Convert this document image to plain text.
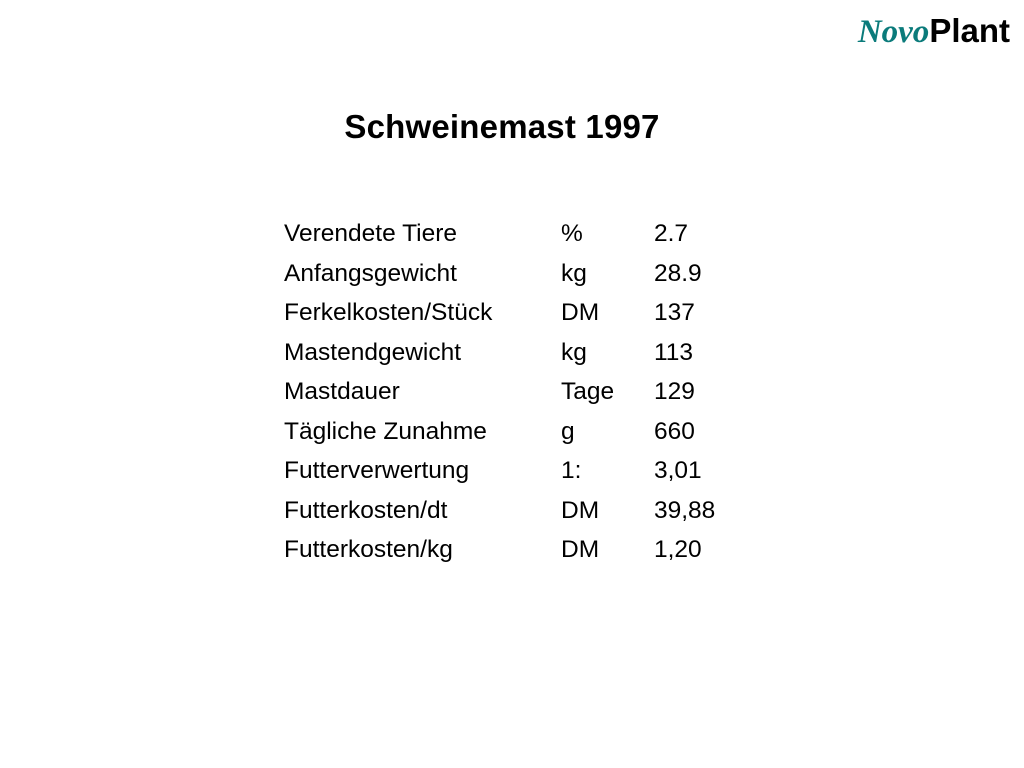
NovoPlant
Schweinemast 1997
Verendete Tiere	%	2.7
Anfangsgewicht	kg	28.9
Ferkelkosten/Stück	DM	137
Mastendgewicht	kg	113
Mastdauer	Tage	129
Tägliche Zunahme	g	660
Futterverwertung	1:	3,01
Futterkosten/dt	DM	39,88
Futterkosten/kg	DM	1,20
